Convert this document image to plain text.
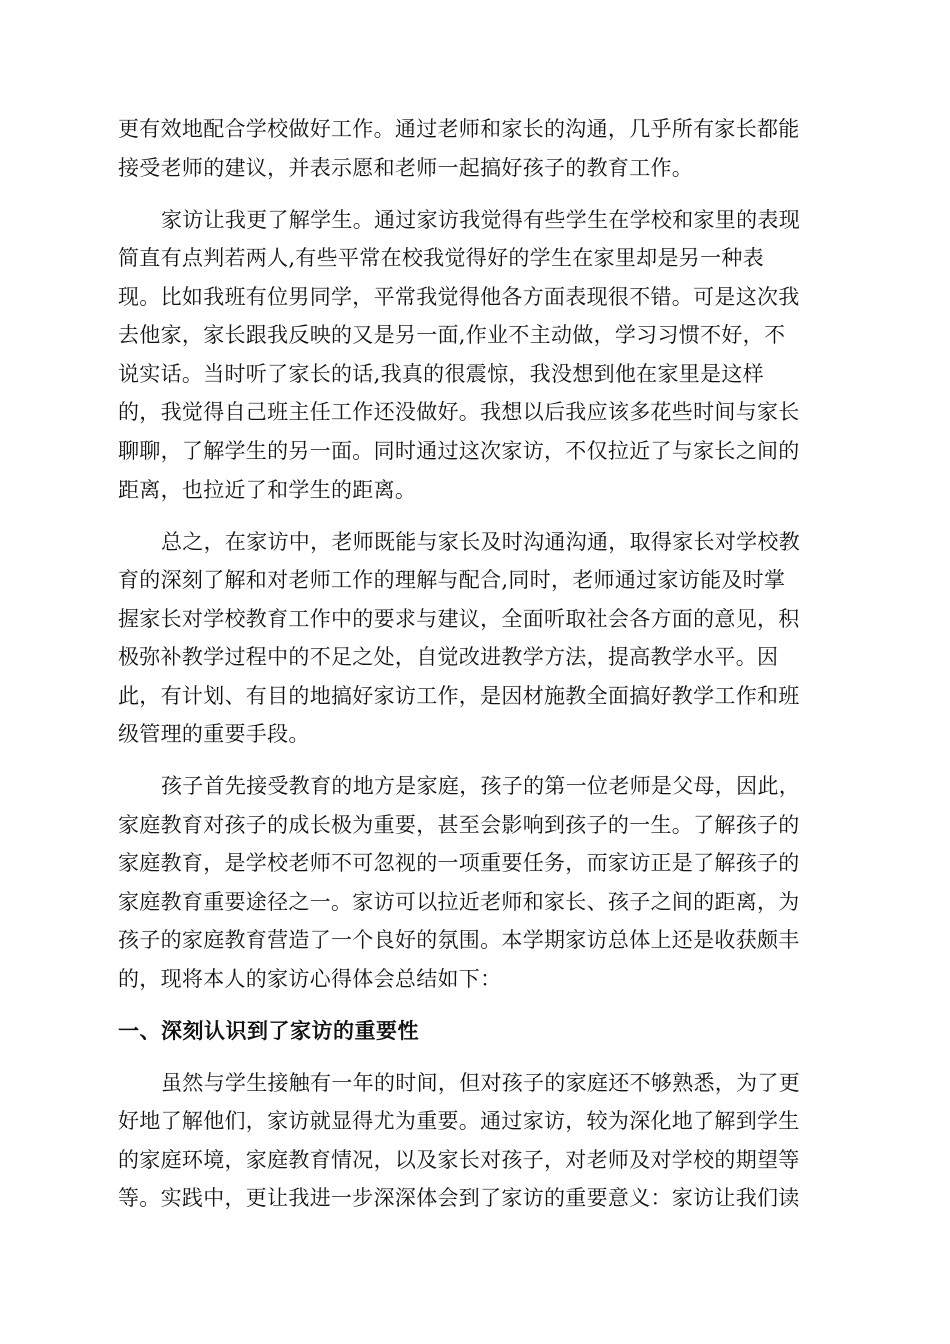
更有效地配合学校做好工作。通过老师和家长的沟通，几乎所有家长都能
接受老师的建议，并表示愿和老师一起搞好孩子的教育工作。
家访让我更了解学生。通过家访我觉得有些学生在学校和家里的表现
简直有点判若两人,有些平常在校我觉得好的学生在家里却是另一种表
现。比如我班有位男同学，平常我觉得他各方面表现很不错。可是这次我
去他家，家长跟我反映的又是另一面,作业不主动做，学习习惯不好，不
说实话。当时听了家长的话,我真的很震惊，我没想到他在家里是这样
的，我觉得自己班主任工作还没做好。我想以后我应该多花些时间与家长
聊聊，了解学生的另一面。同时通过这次家访，不仅拉近了与家长之间的
距离，也拉近了和学生的距离。
总之，在家访中，老师既能与家长及时沟通沟通，取得家长对学校教
育的深刻了解和对老师工作的理解与配合,同时，老师通过家访能及时掌
握家长对学校教育工作中的要求与建议，全面听取社会各方面的意见，积
极弥补教学过程中的不足之处，自觉改进教学方法，提高教学水平。因
此，有计划、有目的地搞好家访工作，是因材施教全面搞好教学工作和班
级管理的重要手段。
孩子首先接受教育的地方是家庭，孩子的第一位老师是父母，因此，
家庭教育对孩子的成长极为重要，甚至会影响到孩子的一生。了解孩子的
家庭教育，是学校老师不可忽视的一项重要任务，而家访正是了解孩子的
家庭教育重要途径之一。家访可以拉近老师和家长、孩子之间的距离，为
孩子的家庭教育营造了一个良好的氛围。本学期家访总体上还是收获颇丰
的，现将本人的家访心得体会总结如下：
一、深刻认识到了家访的重要性
虽然与学生接触有一年的时间，但对孩子的家庭还不够熟悉，为了更
好地了解他们，家访就显得尤为重要。通过家访，较为深化地了解到学生
的家庭环境，家庭教育情况，以及家长对孩子，对老师及对学校的期望等
等。实践中，更让我进一步深深体会到了家访的重要意义：家访让我们读
